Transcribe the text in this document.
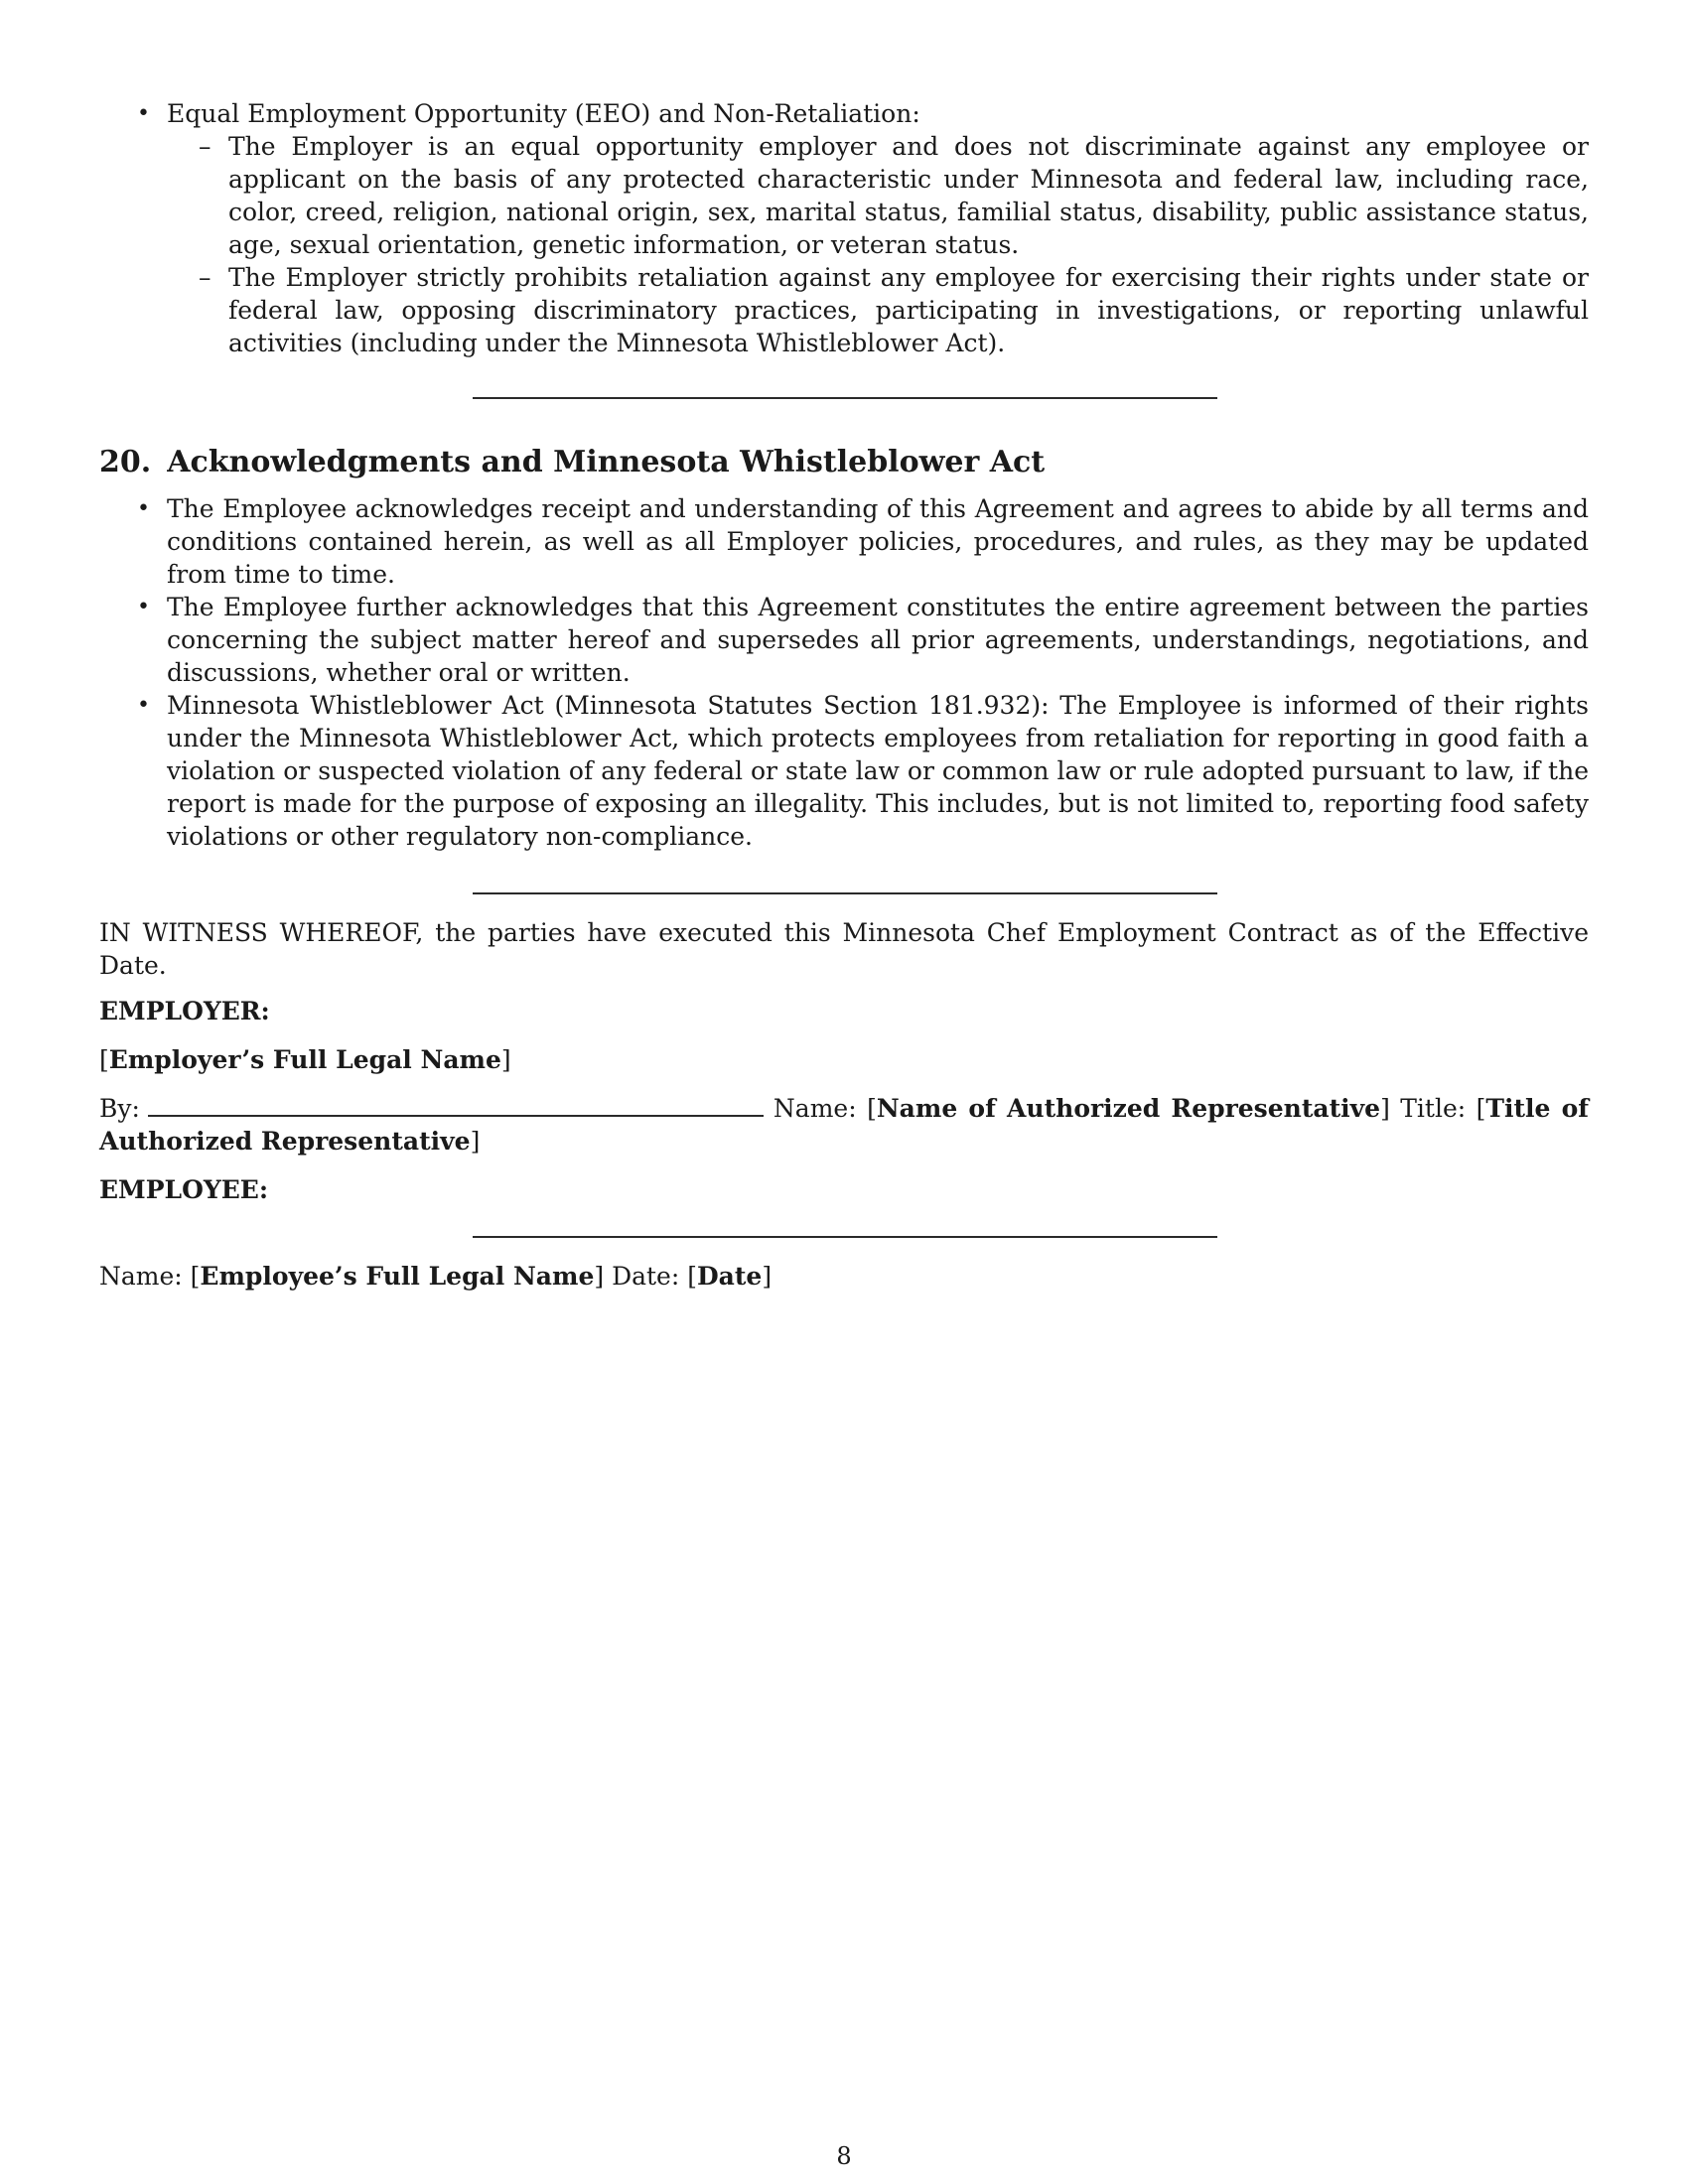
• Equal Employment Opportunity (EEO) and Non-Retaliation:
– The Employer is an equal opportunity employer and does not discriminate against any employee or applicant on the basis of any protected characteristic under Minnesota and federal law, including race, color, creed, religion, national origin, sex, marital status, familial status, disability, public assistance status, age, sexual orientation, genetic information, or veteran status.
– The Employer strictly prohibits retaliation against any employee for exercising their rights under state or federal law, opposing discriminatory practices, participating in investigations, or reporting unlawful activities (including under the Minnesota Whistleblower Act).
20. Acknowledgments and Minnesota Whistleblower Act
• The Employee acknowledges receipt and understanding of this Agreement and agrees to abide by all terms and conditions contained herein, as well as all Employer policies, procedures, and rules, as they may be updated from time to time.
• The Employee further acknowledges that this Agreement constitutes the entire agreement between the parties concerning the subject matter hereof and supersedes all prior agreements, understandings, negotiations, and discussions, whether oral or written.
• Minnesota Whistleblower Act (Minnesota Statutes Section 181.932): The Employee is informed of their rights under the Minnesota Whistleblower Act, which protects employees from retaliation for reporting in good faith a violation or suspected violation of any federal or state law or common law or rule adopted pursuant to law, if the report is made for the purpose of exposing an illegality. This includes, but is not limited to, reporting food safety violations or other regulatory non-compliance.

IN WITNESS WHEREOF, the parties have executed this Minnesota Chef Employment Contract as of the Effective Date.

EMPLOYER:

[Employer’s Full Legal Name]

By:	Name: [Name of Authorized Representative] Title: [Title of Authorized Representative]

EMPLOYEE:

Name: [Employee’s Full Legal Name] Date: [Date]

8
